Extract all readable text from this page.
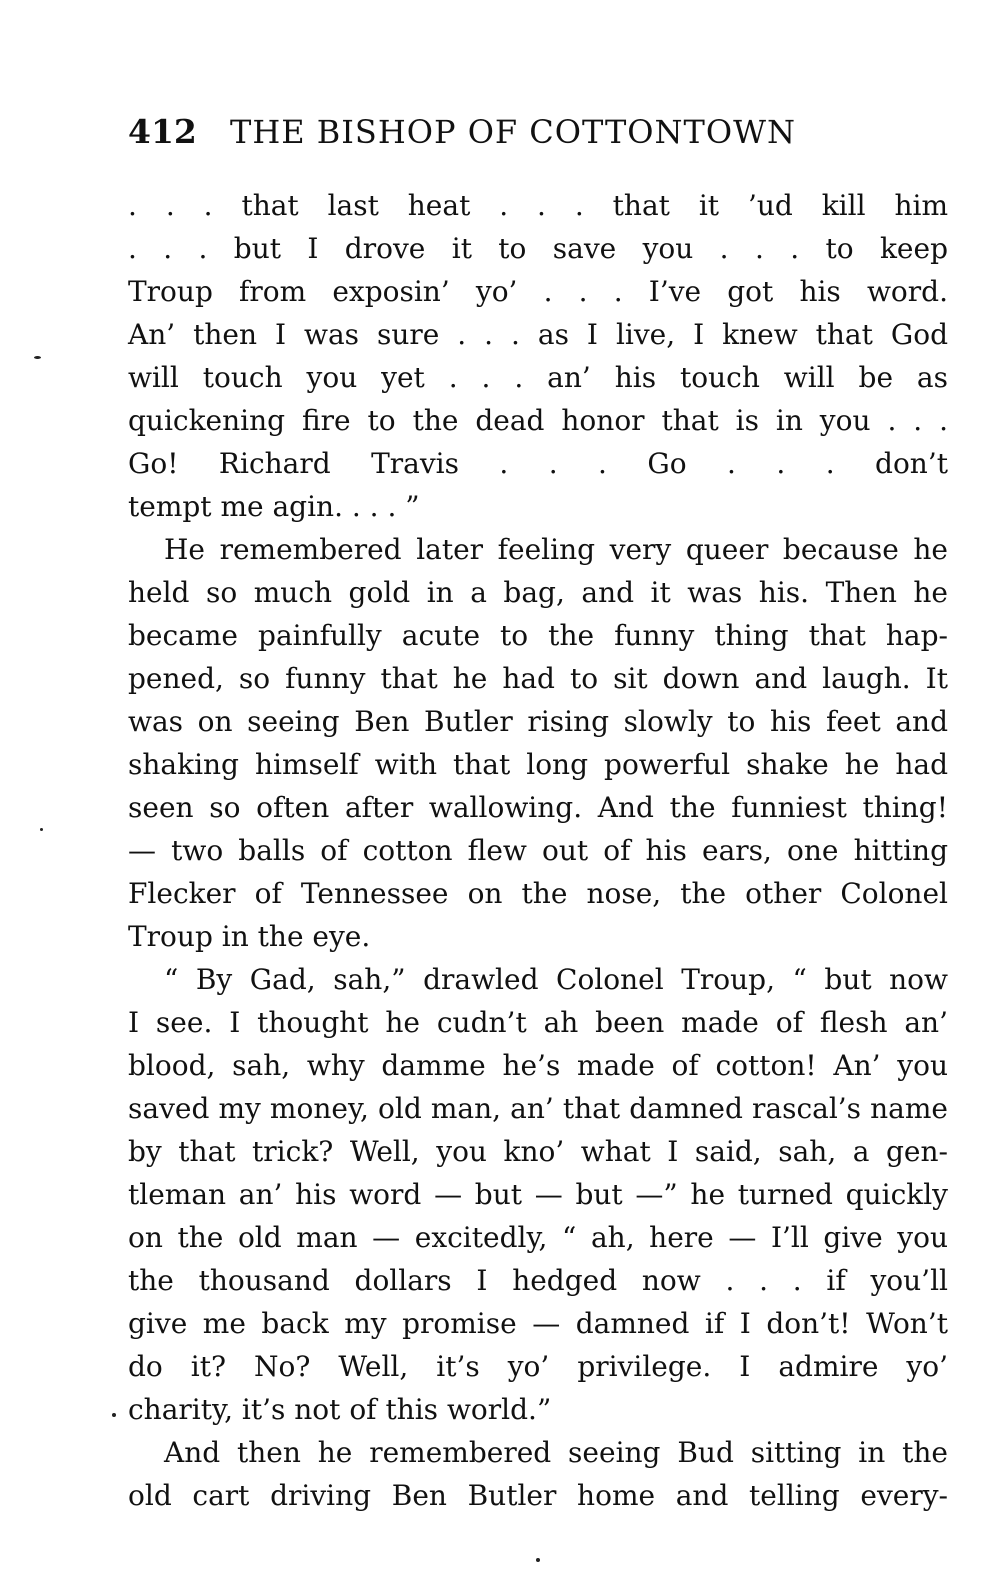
412 THE BISHOP OF COTTONTOWN
. . . that last heat . . . that it ’ud kill him
. . . but I drove it to save you . . . to keep
Troup from exposin’ yo’ . . . I’ve got his word.
An’ then I was sure . . . as I live, I knew that God
will touch you yet . . . an’ his touch will be as
quickening fire to the dead honor that is in you . . .
Go! Richard Travis . . . Go . . . don’t
tempt me agin. . . . ”
He remembered later feeling very queer because he
held so much gold in a bag, and it was his. Then he
became painfully acute to the funny thing that hap-
pened, so funny that he had to sit down and laugh. It
was on seeing Ben Butler rising slowly to his feet and
shaking himself with that long powerful shake he had
seen so often after wallowing. And the funniest thing!
— two balls of cotton flew out of his ears, one hitting
Flecker of Tennessee on the nose, the other Colonel
Troup in the eye.
“ By Gad, sah,” drawled Colonel Troup, “ but now
I see. I thought he cudn’t ah been made of flesh an’
blood, sah, why damme he’s made of cotton! An’ you
saved my money, old man, an’ that damned rascal’s name
by that trick? Well, you kno’ what I said, sah, a gen-
tleman an’ his word — but — but —” he turned quickly
on the old man — excitedly, “ ah, here — I’ll give you
the thousand dollars I hedged now . . . if you’ll
give me back my promise — damned if I don’t! Won’t
do it? No? Well, it’s yo’ privilege. I admire yo’
charity, it’s not of this world.”
And then he remembered seeing Bud sitting in the
old cart driving Ben Butler home and telling every-
